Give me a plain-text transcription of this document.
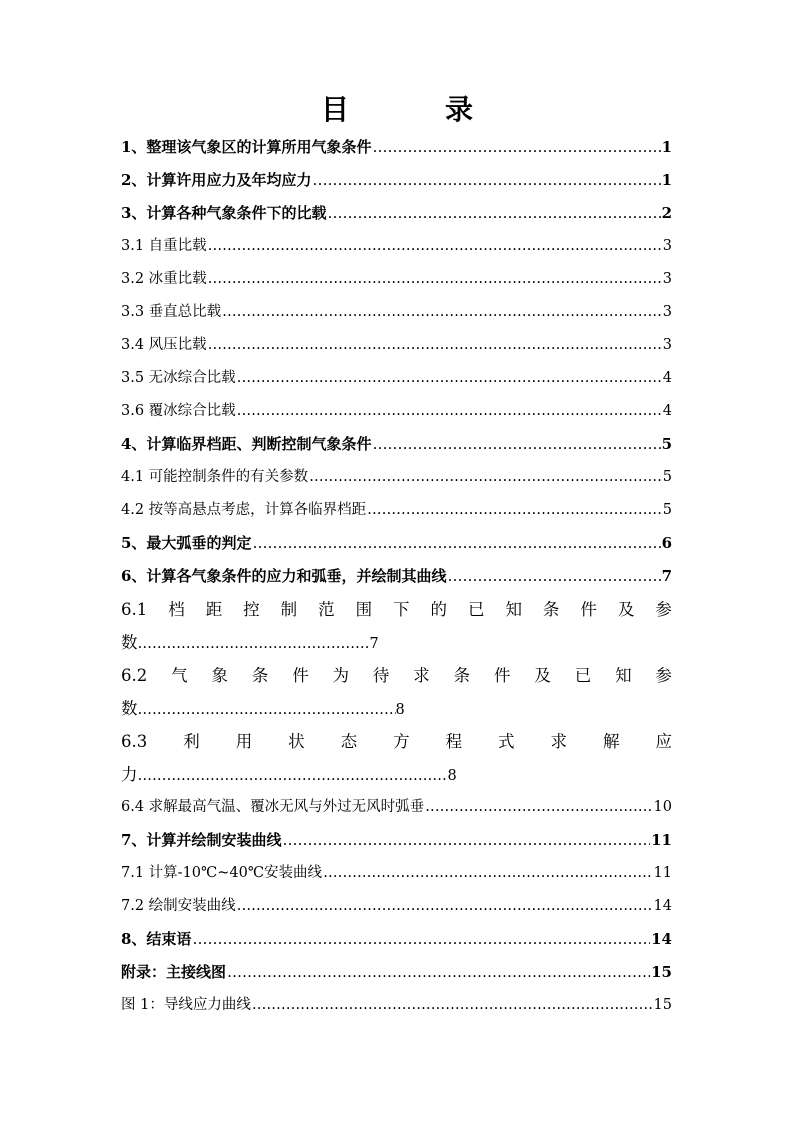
目	录
1、整理该气象区的计算所用气象条件 …………………………………………………………………………………………………………………………………………………………………………………………………………	1
2、计算许用应力及年均应力 …………………………………………………………………………………………………………………………………………………………………………………………………………	1
3、计算各种气象条件下的比载 …………………………………………………………………………………………………………………………………………………………………………………………………………	2
3.1 自重比载 …………………………………………………………………………………………………………………………………………………………………………………………………………	3
3.2 冰重比载 …………………………………………………………………………………………………………………………………………………………………………………………………………	3
3.3 垂直总比载 …………………………………………………………………………………………………………………………………………………………………………………………………………	3
3.4 风压比载 …………………………………………………………………………………………………………………………………………………………………………………………………………	3
3.5 无冰综合比载 …………………………………………………………………………………………………………………………………………………………………………………………………………	4
3.6 覆冰综合比载 …………………………………………………………………………………………………………………………………………………………………………………………………………	4
4、计算临界档距、判断控制气象条件 …………………………………………………………………………………………………………………………………………………………………………………………………………	5
4.1 可能控制条件的有关参数 …………………………………………………………………………………………………………………………………………………………………………………………………………	5
4.2 按等高悬点考虑，计算各临界档距 …………………………………………………………………………………………………………………………………………………………………………………………………………	5
5、最大弧垂的判定 …………………………………………………………………………………………………………………………………………………………………………………………………………	6
6、计算各气象条件的应力和弧垂，并绘制其曲线 …………………………………………………………………………………………………………………………………………………………………………………………………………	7
6.1 档 距 控 制 范 围 下 的 已 知 条 件 及 参
数 ……………………………………………………………………………………	7
6.2 气 象 条 件 为 待 求 条 件 及 已 知 参
数 ……………………………………………………………………………………	8
6.3 利 用 状 态 方 程 式 求 解 应
力 ……………………………………………………………………………………	8
6.4 求解最高气温、覆冰无风与外过无风时弧垂 …………………………………………………………………………………………………………………………………………………………………………………………………………	10
7、计算并绘制安装曲线 …………………………………………………………………………………………………………………………………………………………………………………………………………	11
7.1 计算-10℃~40℃安装曲线 …………………………………………………………………………………………………………………………………………………………………………………………………………	11
7.2 绘制安装曲线 …………………………………………………………………………………………………………………………………………………………………………………………………………	14
8、结束语 …………………………………………………………………………………………………………………………………………………………………………………………………………	14
附录：主接线图 …………………………………………………………………………………………………………………………………………………………………………………………………………	15
图 1：导线应力曲线 …………………………………………………………………………………………………………………………………………………………………………………………………………	15
